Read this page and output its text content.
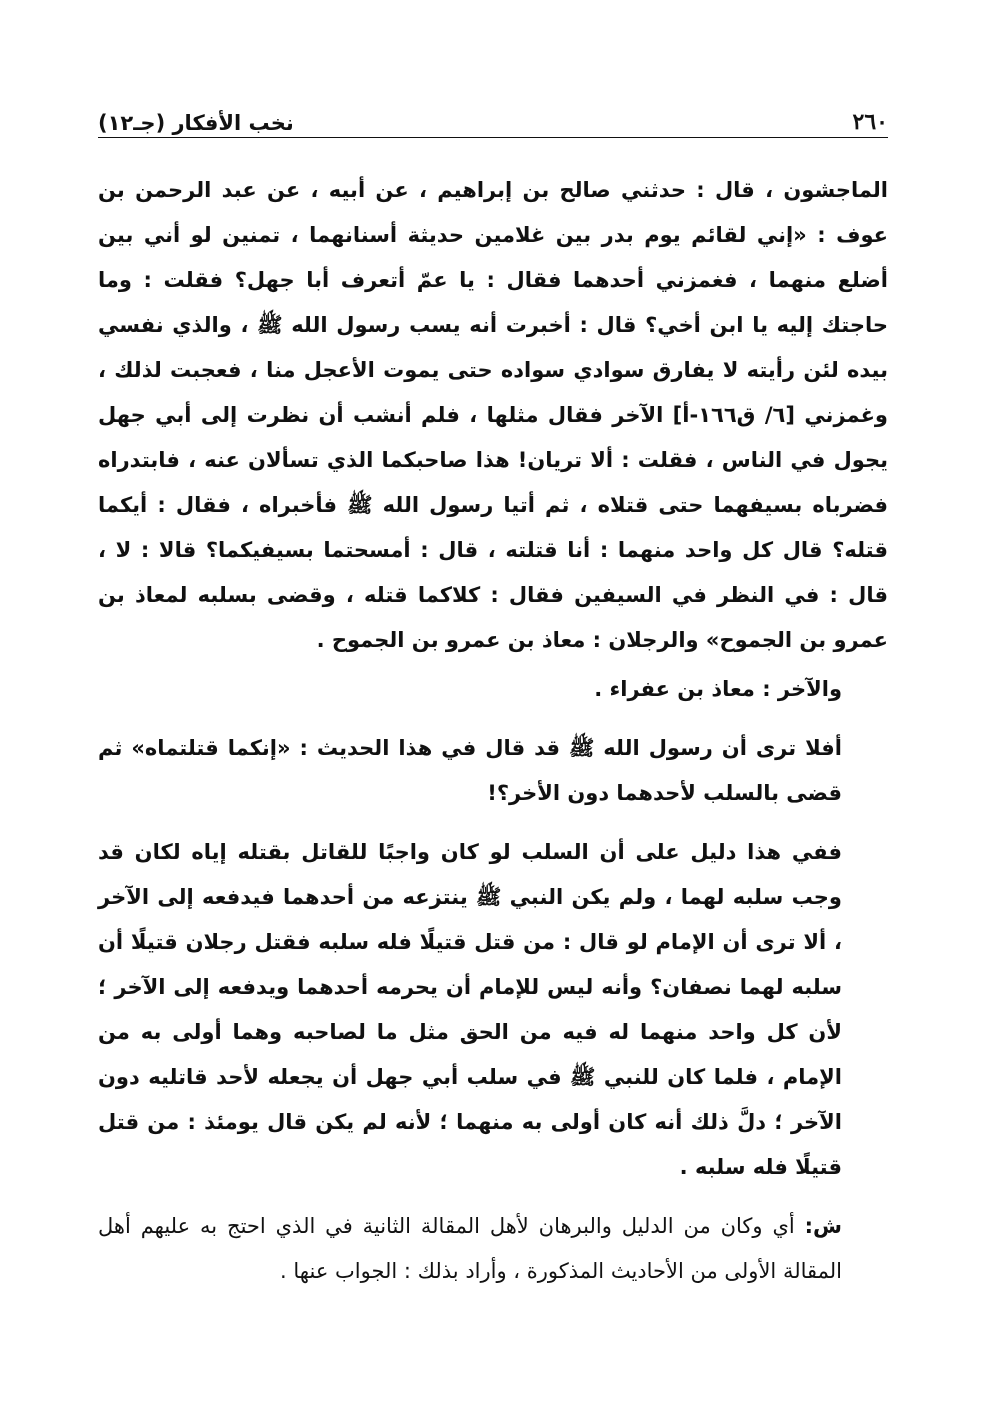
٢٦٠
نخب الأفكار (جـ١٢)

الماجشون ، قال : حدثني صالح بن إبراهيم ، عن أبيه ، عن عبد الرحمن بن عوف : «إني لقائم يوم بدر بين غلامين حديثة أسنانهما ، تمنين لو أني بين أضلع منهما ، فغمزني أحدهما فقال : يا عمّ أتعرف أبا جهل؟ فقلت : وما حاجتك إليه يا ابن أخي؟ قال : أخبرت أنه يسب رسول الله ﷺ ، والذي نفسي بيده لئن رأيته لا يفارق سوادي سواده حتى يموت الأعجل منا ، فعجبت لذلك ، وغمزني [٦/ ق١٦٦-أ] الآخر فقال مثلها ، فلم أنشب أن نظرت إلى أبي جهل يجول في الناس ، فقلت : ألا تريان! هذا صاحبكما الذي تسألان عنه ، فابتدراه فضرباه بسيفهما حتى قتلاه ، ثم أتيا رسول الله ﷺ فأخبراه ، فقال : أيكما قتله؟ قال كل واحد منهما : أنا قتلته ، قال : أمسحتما بسيفيكما؟ قالا : لا ، قال : في النظر في السيفين فقال : كلاكما قتله ، وقضى بسلبه لمعاذ بن عمرو بن الجموح» والرجلان : معاذ بن عمرو بن الجموح .

والآخر : معاذ بن عفراء .

أفلا ترى أن رسول الله ﷺ قد قال في هذا الحديث : «إنكما قتلتماه» ثم قضى بالسلب لأحدهما دون الأخر؟!

ففي هذا دليل على أن السلب لو كان واجبًا للقاتل بقتله إياه لكان قد وجب سلبه لهما ، ولم يكن النبي ﷺ ينتزعه من أحدهما فيدفعه إلى الآخر ، ألا ترى أن الإمام لو قال : من قتل قتيلًا فله سلبه فقتل رجلان قتيلًا أن سلبه لهما نصفان؟ وأنه ليس للإمام أن يحرمه أحدهما ويدفعه إلى الآخر ؛ لأن كل واحد منهما له فيه من الحق مثل ما لصاحبه وهما أولى به من الإمام ، فلما كان للنبي ﷺ في سلب أبي جهل أن يجعله لأحد قاتليه دون الآخر ؛ دلَّ ذلك أنه كان أولى به منهما ؛ لأنه لم يكن قال يومئذ : من قتل قتيلًا فله سلبه .

ش: أي وكان من الدليل والبرهان لأهل المقالة الثانية في الذي احتج به عليهم أهل المقالة الأولى من الأحاديث المذكورة ، وأراد بذلك : الجواب عنها .
